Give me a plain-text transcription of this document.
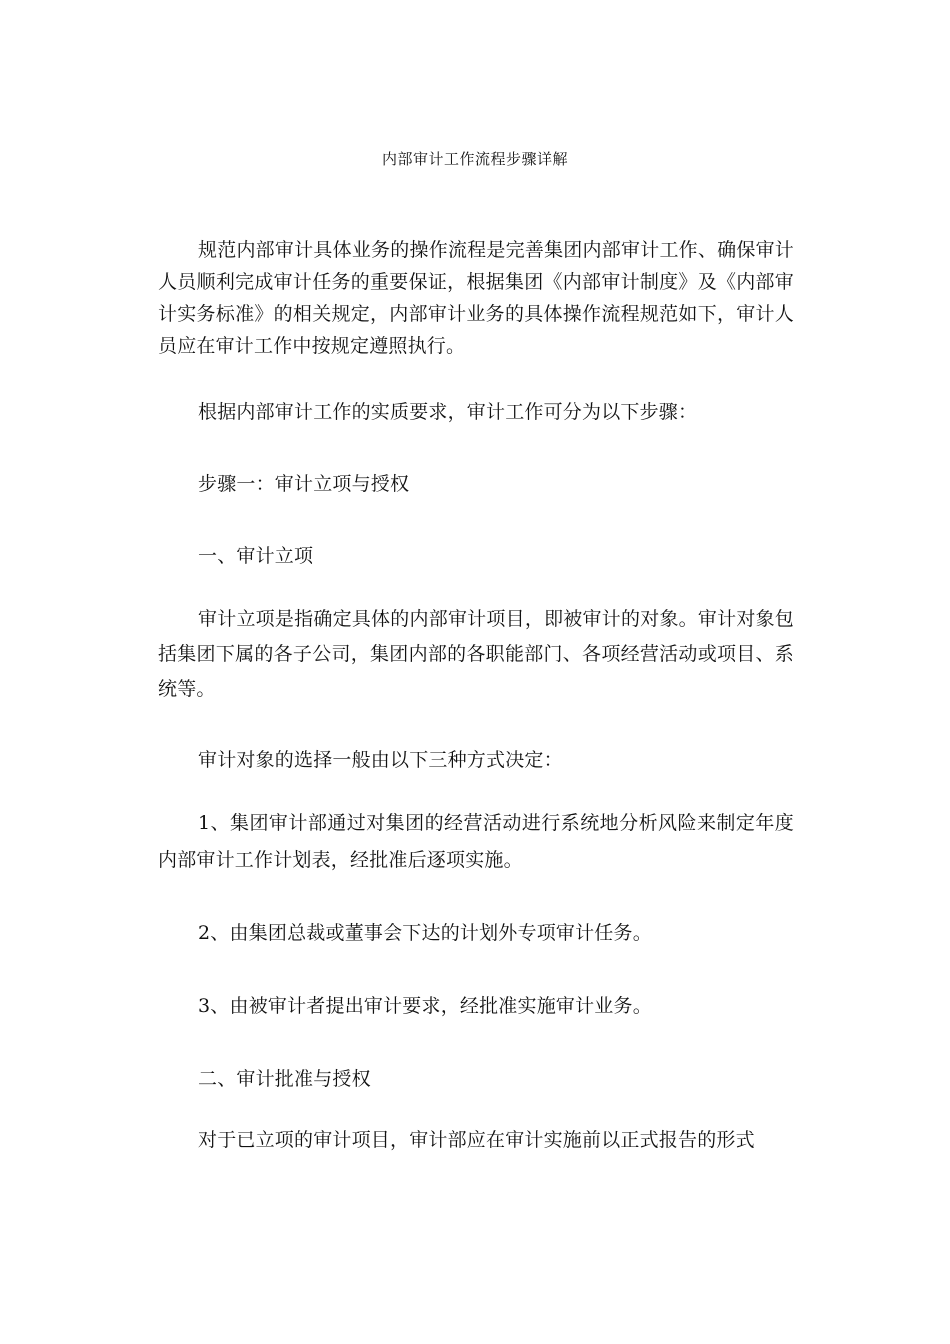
内部审计工作流程步骤详解

规范内部审计具体业务的操作流程是完善集团内部审计工作、确保审计人员顺利完成审计任务的重要保证，根据集团《内部审计制度》及《内部审计实务标准》的相关规定，内部审计业务的具体操作流程规范如下，审计人员应在审计工作中按规定遵照执行。

根据内部审计工作的实质要求，审计工作可分为以下步骤：

步骤一：审计立项与授权

一、审计立项

审计立项是指确定具体的内部审计项目，即被审计的对象。审计对象包括集团下属的各子公司，集团内部的各职能部门、各项经营活动或项目、系统等。

审计对象的选择一般由以下三种方式决定：

1、集团审计部通过对集团的经营活动进行系统地分析风险来制定年度内部审计工作计划表，经批准后逐项实施。

2、由集团总裁或董事会下达的计划外专项审计任务。

3、由被审计者提出审计要求，经批准实施审计业务。

二、审计批准与授权

对于已立项的审计项目，审计部应在审计实施前以正式报告的形式
